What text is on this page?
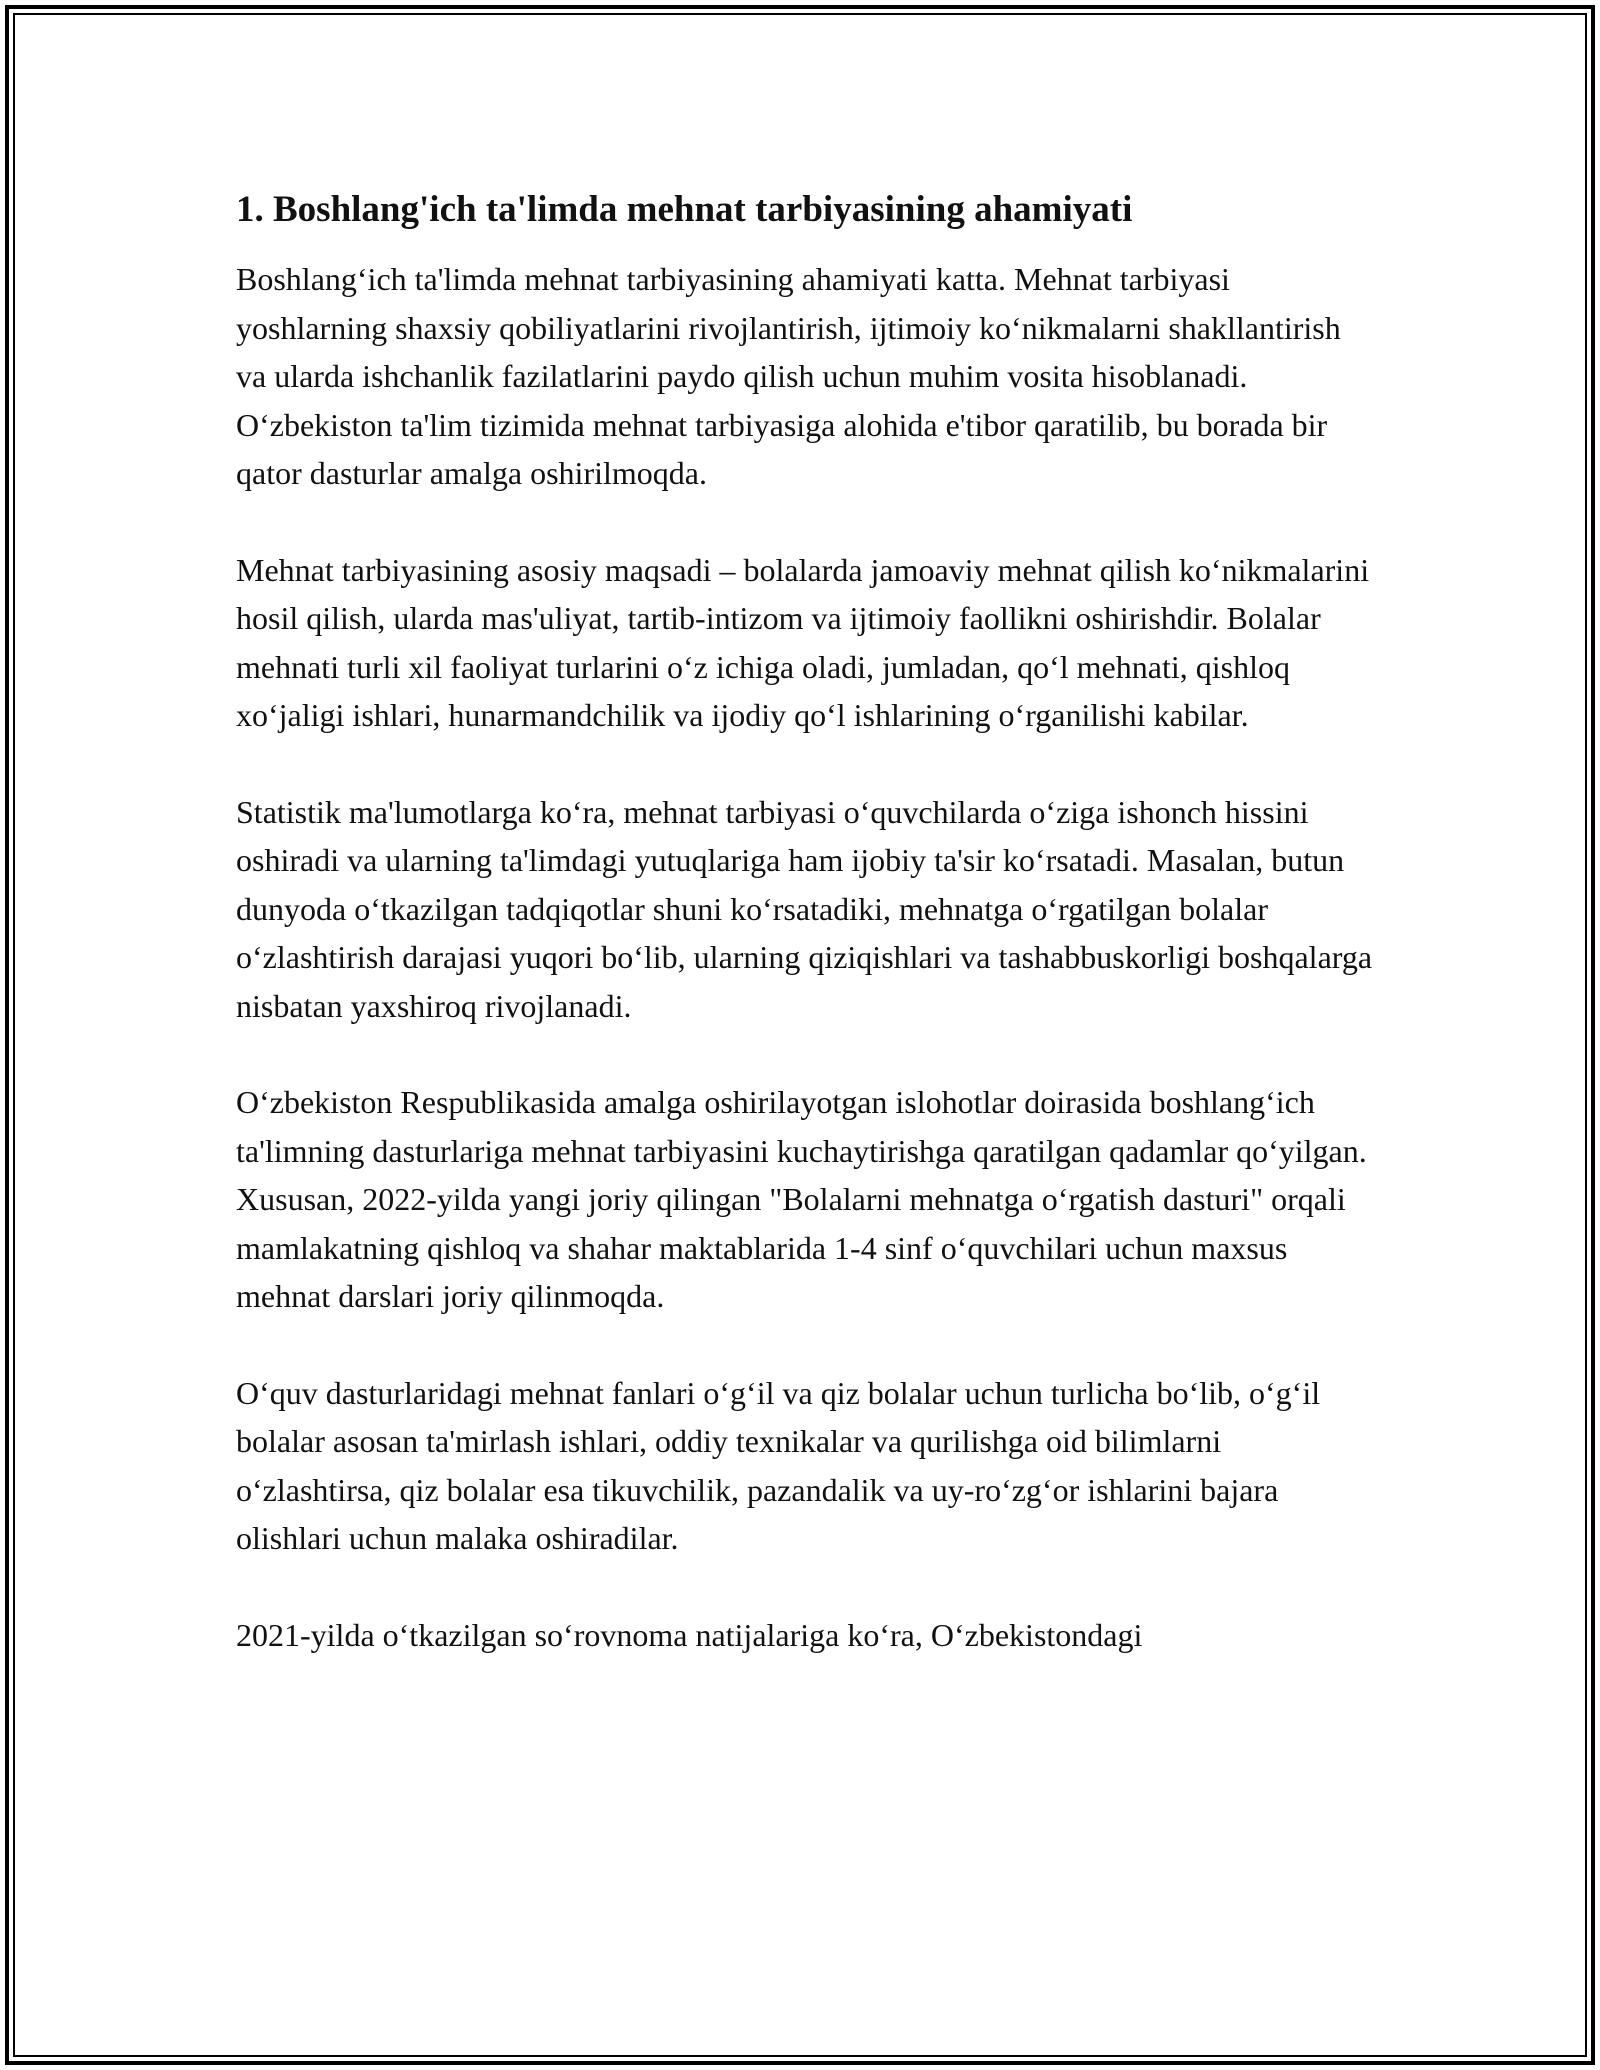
1. Boshlang'ich ta'limda mehnat tarbiyasining ahamiyati

Boshlang‘ich ta'limda mehnat tarbiyasining ahamiyati katta. Mehnat tarbiyasi yoshlarning shaxsiy qobiliyatlarini rivojlantirish, ijtimoiy ko‘nikmalarni shakllantirish va ularda ishchanlik fazilatlarini paydo qilish uchun muhim vosita hisoblanadi. O‘zbekiston ta'lim tizimida mehnat tarbiyasiga alohida e'tibor qaratilib, bu borada bir qator dasturlar amalga oshirilmoqda.

Mehnat tarbiyasining asosiy maqsadi – bolalarda jamoaviy mehnat qilish ko‘nikmalarini hosil qilish, ularda mas'uliyat, tartib-intizom va ijtimoiy faollikni oshirishdir. Bolalar mehnati turli xil faoliyat turlarini o‘z ichiga oladi, jumladan, qo‘l mehnati, qishloq xo‘jaligi ishlari, hunarmandchilik va ijodiy qo‘l ishlarining o‘rganilishi kabilar.

Statistik ma'lumotlarga ko‘ra, mehnat tarbiyasi o‘quvchilarda o‘ziga ishonch hissini oshiradi va ularning ta'limdagi yutuqlariga ham ijobiy ta'sir ko‘rsatadi. Masalan, butun dunyoda o‘tkazilgan tadqiqotlar shuni ko‘rsatadiki, mehnatga o‘rgatilgan bolalar o‘zlashtirish darajasi yuqori bo‘lib, ularning qiziqishlari va tashabbuskorligi boshqalarga nisbatan yaxshiroq rivojlanadi.

O‘zbekiston Respublikasida amalga oshirilayotgan islohotlar doirasida boshlang‘ich ta'limning dasturlariga mehnat tarbiyasini kuchaytirishga qaratilgan qadamlar qo‘yilgan. Xususan, 2022-yilda yangi joriy qilingan "Bolalarni mehnatga o‘rgatish dasturi" orqali mamlakatning qishloq va shahar maktablarida 1-4 sinf o‘quvchilari uchun maxsus mehnat darslari joriy qilinmoqda.

O‘quv dasturlaridagi mehnat fanlari o‘g‘il va qiz bolalar uchun turlicha bo‘lib, o‘g‘il bolalar asosan ta'mirlash ishlari, oddiy texnikalar va qurilishga oid bilimlarni o‘zlashtirsa, qiz bolalar esa tikuvchilik, pazandalik va uy-ro‘zg‘or ishlarini bajara olishlari uchun malaka oshiradilar.

2021-yilda o‘tkazilgan so‘rovnoma natijalariga ko‘ra, O‘zbekistondagi
